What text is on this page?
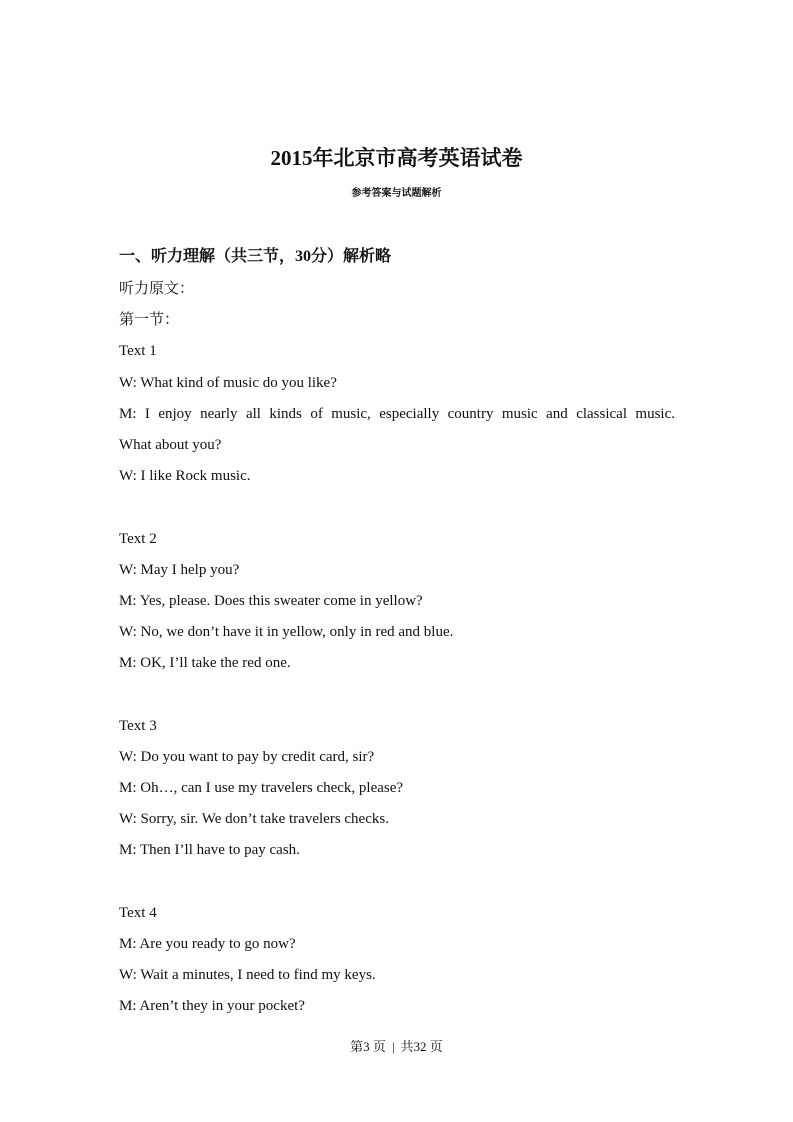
2015年北京市高考英语试卷
参考答案与试题解析
一、听力理解（共三节，30分）解析略
听力原文：
第一节：
Text 1
W: What kind of music do you like?
M: I enjoy nearly all kinds of music, especially country music and classical music.
What about you?
W: I like Rock music.
Text 2
W: May I help you?
M: Yes, please. Does this sweater come in yellow?
W: No, we don’t have it in yellow, only in red and blue.
M: OK, I’ll take the red one.
Text 3
W: Do you want to pay by credit card, sir?
M: Oh…, can I use my travelers check, please?
W: Sorry, sir. We don’t take travelers checks.
M: Then I’ll have to pay cash.
Text 4
M: Are you ready to go now?
W: Wait a minutes, I need to find my keys.
M: Aren’t they in your pocket?
第3 页 | 共32 页
